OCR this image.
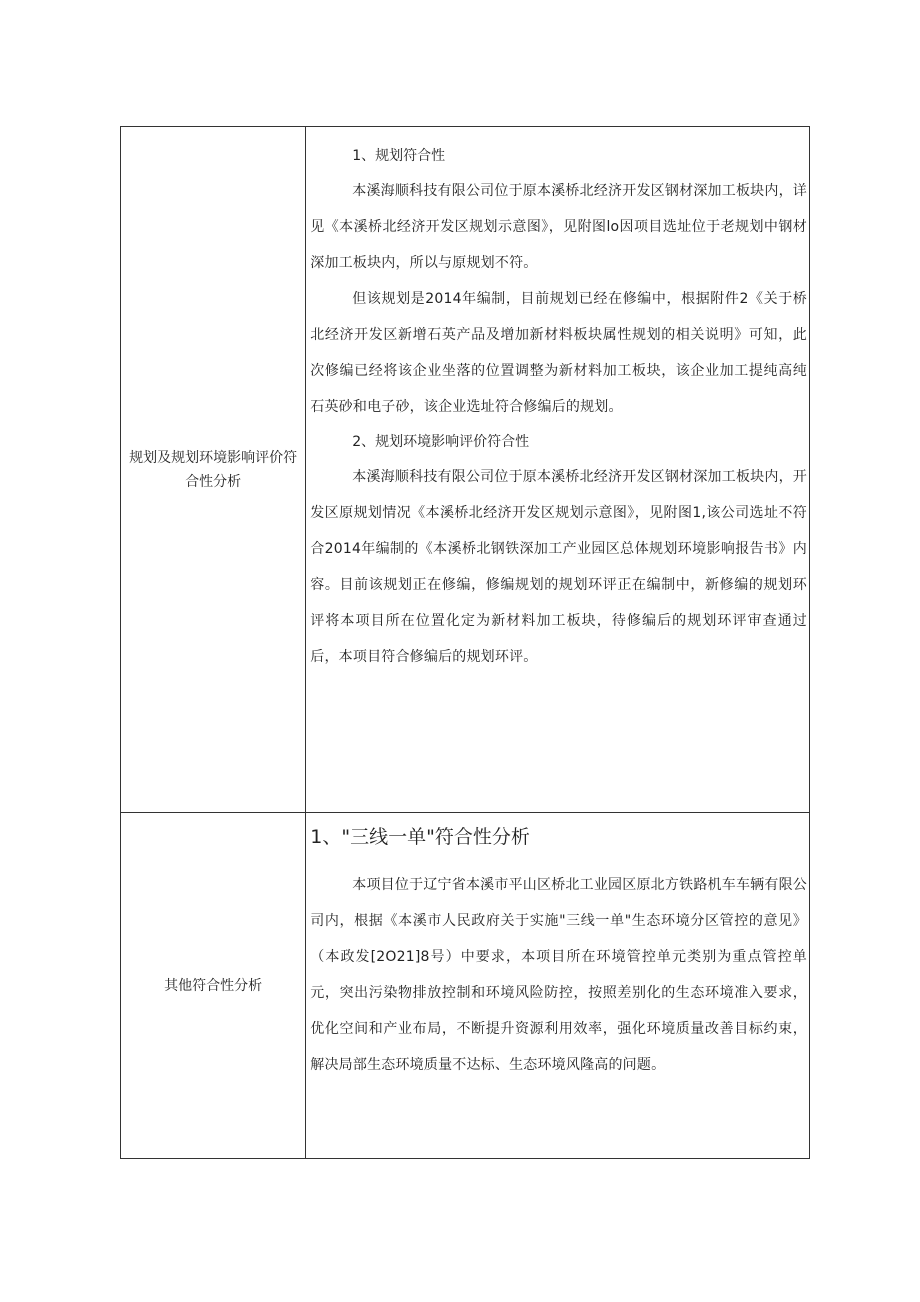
规划及规划环境影响评价符合性分析	1、规划符合性

本溪海顺科技有限公司位于原本溪桥北经济开发区钢材深加工板块内，详见《本溪桥北经济开发区规划示意图》，见附图lo因项目选址位于老规划中钢材深加工板块内，所以与原规划不符。

但该规划是2014年编制，目前规划已经在修编中，根据附件2《关于桥北经济开发区新增石英产品及增加新材料板块属性规划的相关说明》可知，此次修编已经将该企业坐落的位置调整为新材料加工板块，该企业加工提纯高纯石英砂和电子砂，该企业选址符合修编后的规划。

2、规划环境影响评价符合性

本溪海顺科技有限公司位于原本溪桥北经济开发区钢材深加工板块内，开发区原规划情况《本溪桥北经济开发区规划示意图》，见附图1,该公司选址不符合2014年编制的《本溪桥北钢铁深加工产业园区总体规划环境影响报告书》内容。目前该规划正在修编，修编规划的规划环评正在编制中，新修编的规划环评将本项目所在位置化定为新材料加工板块，待修编后的规划环评审查通过后，本项目符合修编后的规划环评。

其他符合性分析	1、"三线一单"符合性分析

本项目位于辽宁省本溪市平山区桥北工业园区原北方铁路机车车辆有限公司内，根据《本溪市人民政府关于实施"三线一单"生态环境分区管控的意见》（本政发[2O21]8号）中要求，本项目所在环境管控单元类别为重点管控单元，突出污染物排放控制和环境风险防控，按照差别化的生态环境准入要求，优化空间和产业布局，不断提升资源利用效率，强化环境质量改善目标约束，解决局部生态环境质量不达标、生态环境风隆高的问题。
